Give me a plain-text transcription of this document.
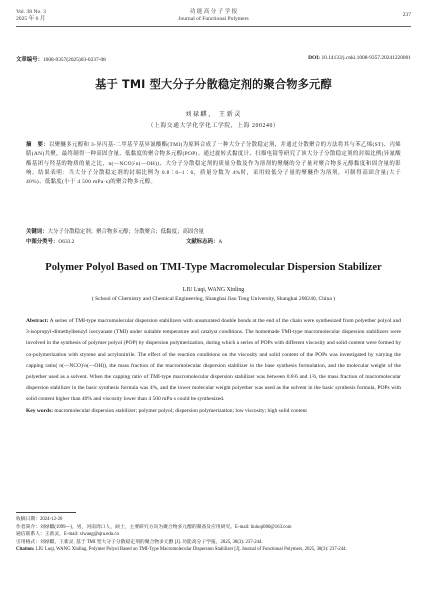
Vol. 38 No. 3
2025 年 6 月
功 能 高 分 子 学 报
Journal of Functional Polymers
237
文章编号：1008-9357(2025)03-0237-08	DOI: 10.14133/j.cnki.1008-9357.20241220001
基于 TMI 型大分子分散稳定剂的聚合物多元醇
刘禄麒， 王新灵
（上海交通大学化学化工学院，上海 200240）
摘　要：以聚醚多元醇和 3-异丙基-二甲基苄基异氰酸酯(TMI)为原料合成了一种大分子分散稳定剂，并通过分散聚合的方法将其与苯乙烯(ST)、丙烯腈(AN)共聚，最终制得一种高固含量、低黏度的聚合物多元醇(POP)。通过旋转式黏度计、扫描电镜等研究了该大分子分散稳定剂的封端比例(异氰酸酯基团与羟基的物质的量之比，n(—NCO)∶n(—OH))、大分子分散稳定剂的质量分数及作为溶剂的聚醚的分子量对聚合物多元醇黏度和固含量的影响。结果表明：当大分子分散稳定剂的封端比例为 0.8∶6~1∶6，质量分数为 4%时，采用较低分子量的聚醚作为溶剂，可制得高固含量(大于 40%)、低黏度(小于 4 500 mPa·s)的聚合物多元醇。
关键词：大分子分散稳定剂；聚合物多元醇；分散聚合；低黏度；高固含量
中图分类号：O633.2	文献标志码：A
Polymer Polyol Based on TMI-Type Macromolecular Dispersion Stabilizer
LIU Luqi, WANG Xinling
( School of Chemistry and Chemical Engineering, Shanghai Jiao Tong University, Shanghai 200240, China )
Abstract: A series of TMI-type macromolecular dispersion stabilizers with unsaturated double bonds at the end of the chain were synthesized from polyether polyol and 3-isopropyl-dimethylbenzyl isocyanate (TMI) under suitable temperature and catalyst conditions. The homemade TMI-type macromolecular dispersion stabilizers were involved in the synthesis of polymer polyol (POP) by dispersion polymerization, during which a series of POPs with different viscosity and solid content were formed by co-polymerization with styrene and acrylonitrile. The effect of the reaction conditions on the viscosity and solid content of the POPs was investigated by varying the capping ratio( n(—NCO)∶n(—OH)), the mass fraction of the macromolecular dispersion stabilizer in the base synthesis formulation, and the molecular weight of the polyether used as a solvent. When the capping ratio of TMI-type macromolecular dispersion stabilizer was between 0.8∶6 and 1∶6, the mass fraction of macromolecular dispersion stabilizer in the basic synthesis formula was 4%, and the lower molecular weight polyether was used as the solvent in the basic synthesis formula, POPs with solid content higher than 40% and viscosity lower than 4 500 mPa·s could be synthesized.
Key words: macromolecular dispersion stabilizer; polymer polyol; dispersion polymerization; low viscosity; high solid content
收稿日期：2024-12-20
作者简介：刘禄麒(1999—)，男，河南周口人，硕士，主要研究方向为聚合物多元醇的制备及应用研究。E-mail: liuluqi000@163.com
通信联系人：王新灵，E-mail: xlwang@sjtu.edu.cn
引用格式：刘禄麒，王新灵. 基于 TMI 型大分子分散稳定剂的聚合物多元醇 [J]. 功能高分子学报，2025, 38(3): 237-244.
Citation: LIU Luqi, WANG Xinling. Polymer Polyol Based on TMI-Type Macromolecular Dispersion Stabilizer [J]. Journal of Functional Polymers, 2025, 38(3): 237-244.
